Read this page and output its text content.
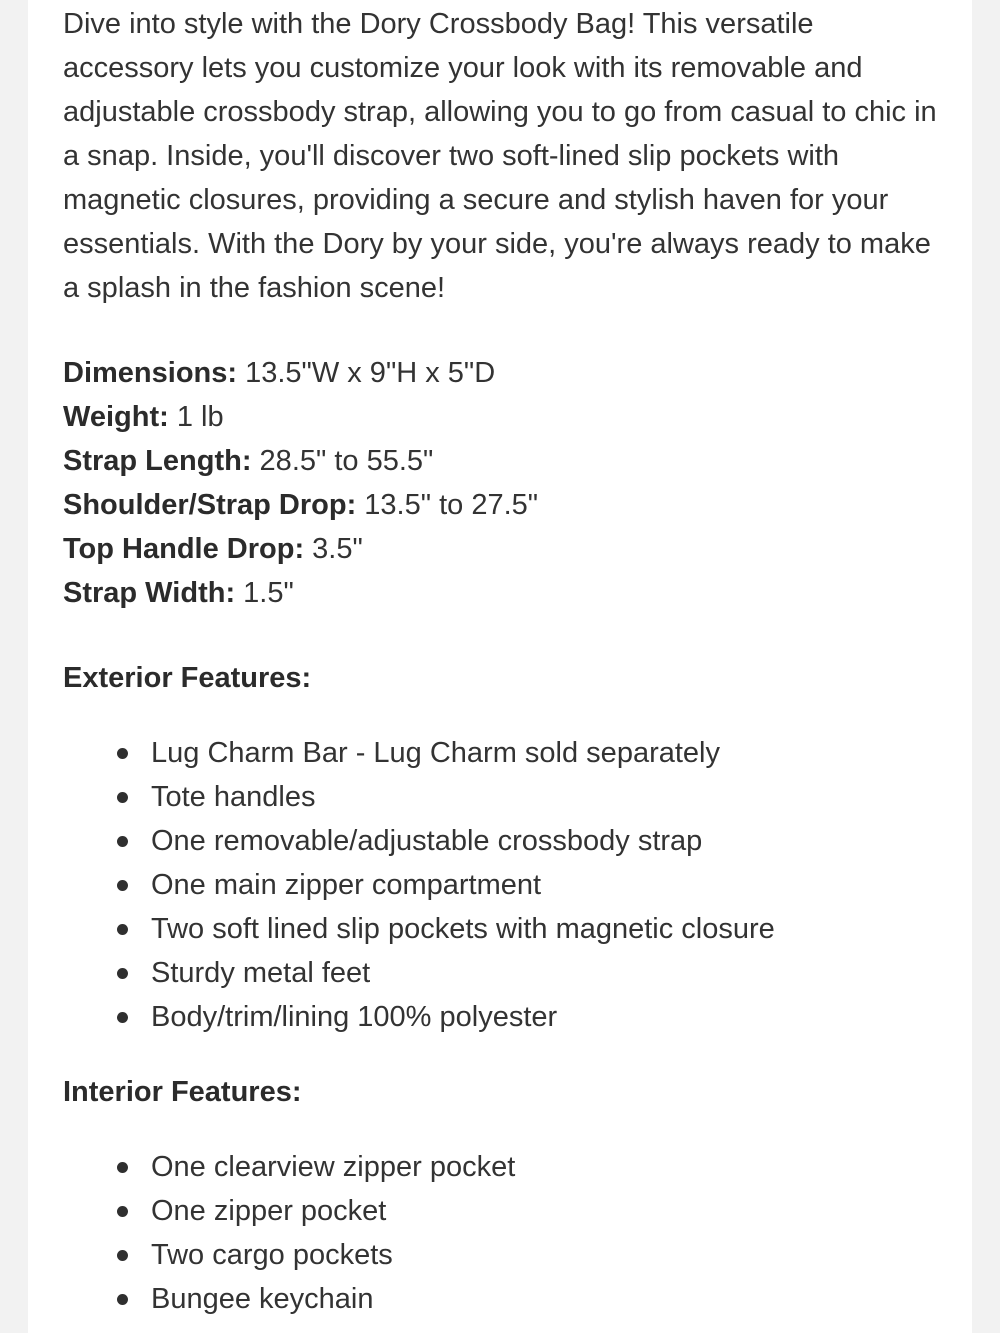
Dive into style with the Dory Crossbody Bag! This versatile accessory lets you customize your look with its removable and adjustable crossbody strap, allowing you to go from casual to chic in a snap. Inside, you'll discover two soft-lined slip pockets with magnetic closures, providing a secure and stylish haven for your essentials. With the Dory by your side, you're always ready to make a splash in the fashion scene!

Dimensions: 13.5"W x 9"H x 5"D
Weight: 1 lb
Strap Length: 28.5" to 55.5"
Shoulder/Strap Drop: 13.5" to 27.5"
Top Handle Drop: 3.5"
Strap Width: 1.5"
Exterior Features:
Lug Charm Bar - Lug Charm sold separately
Tote handles
One removable/adjustable crossbody strap
One main zipper compartment
Two soft lined slip pockets with magnetic closure
Sturdy metal feet
Body/trim/lining 100% polyester
Interior Features:
One clearview zipper pocket
One zipper pocket
Two cargo pockets
Bungee keychain
